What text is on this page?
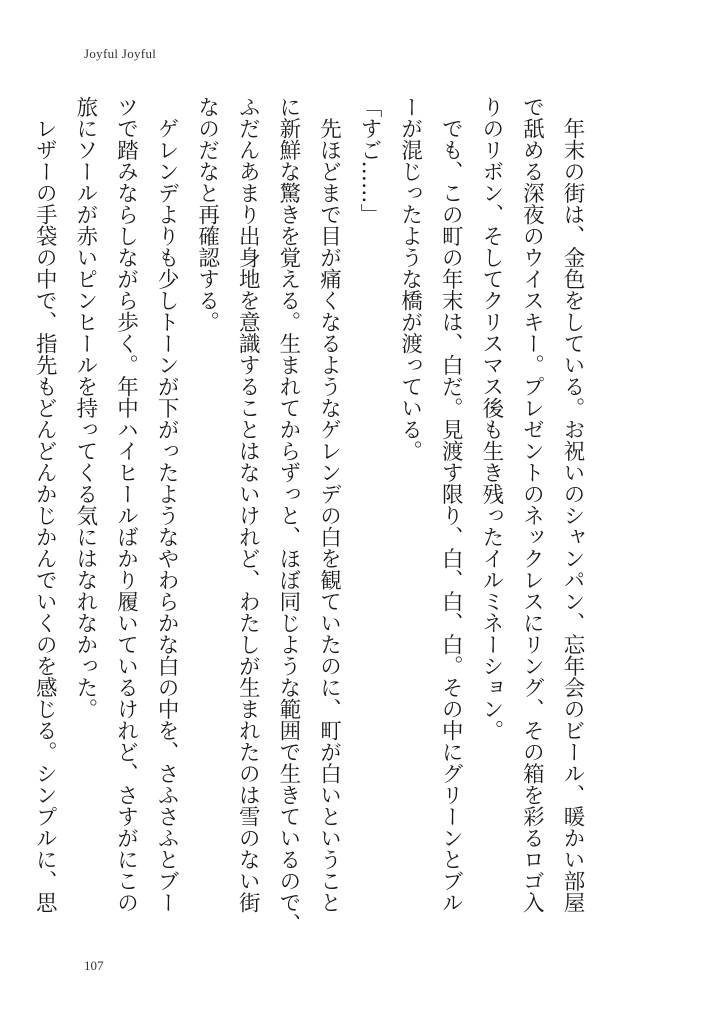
Joyful Joyful

　年末の街は、金色をしている。お祝いのシャンパン、忘年会のビール、暖かい部屋

で舐める深夜のウイスキー。プレゼントのネックレスにリング、その箱を彩るロゴ入

りのリボン、そしてクリスマス後も生き残ったイルミネーション。

　でも、この町の年末は、白だ。見渡す限り、白、白、白。その中にグリーンとブル

ーが混じったような橋が渡っている。

「すご……」

　先ほどまで目が痛くなるようなゲレンデの白を観ていたのに、町が白いということ

に新鮮な驚きを覚える。生まれてからずっと、ほぼ同じような範囲で生きているので、

ふだんあまり出身地を意識することはないけれど、わたしが生まれたのは雪のない街

なのだなと再確認する。

　ゲレンデよりも少しトーンが下がったようなやわらかな白の中を、さふさふとブー

ツで踏みならしながら歩く。年中ハイヒールばかり履いているけれど、さすがにこの

旅にソールが赤いピンヒールを持ってくる気にはなれなかった。

　レザーの手袋の中で、指先もどんどんかじかんでいくのを感じる。シンプルに、思

107
